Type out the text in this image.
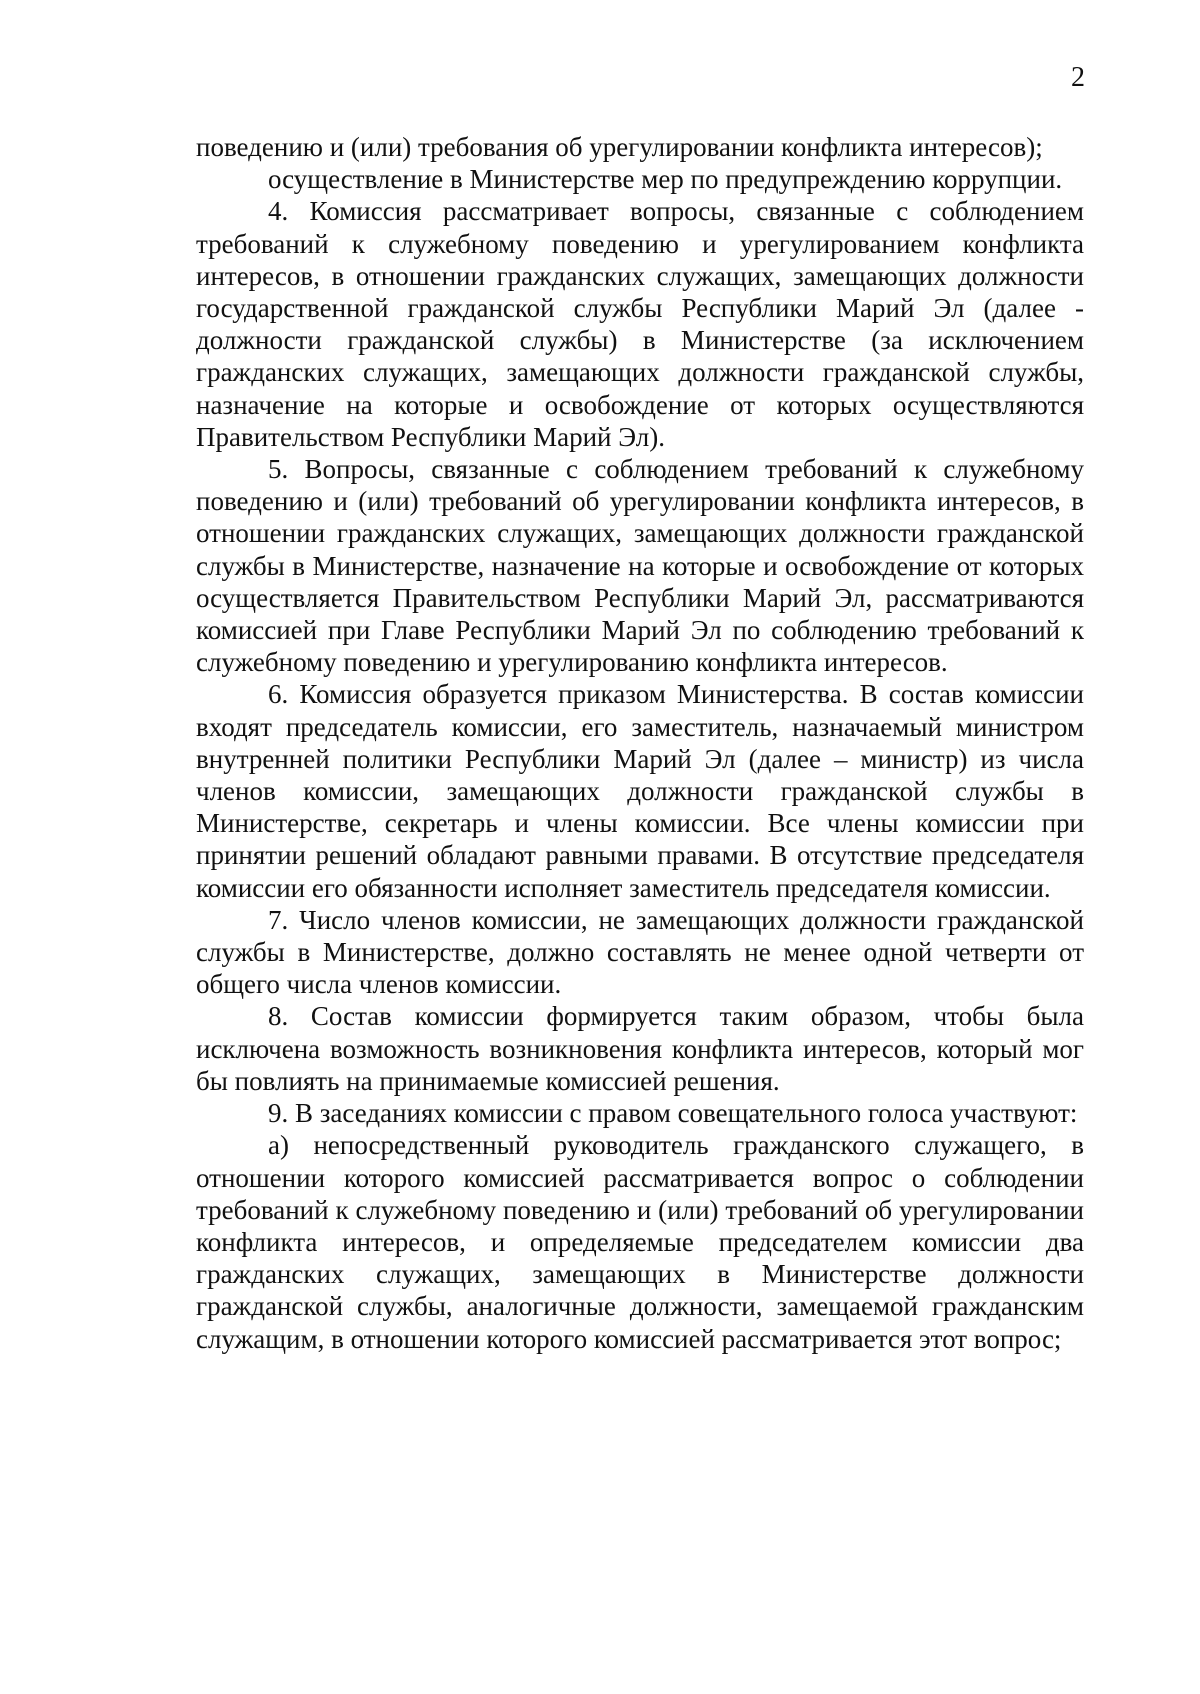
2

поведению и (или) требования об урегулировании конфликта интересов);

осуществление в Министерстве мер по предупреждению коррупции.

4. Комиссия рассматривает вопросы, связанные с соблюдением требований к служебному поведению и урегулированием конфликта интересов, в отношении гражданских служащих, замещающих должности государственной гражданской службы Республики Марий Эл (далее - должности гражданской службы) в Министерстве (за исключением гражданских служащих, замещающих должности гражданской службы, назначение на которые и освобождение от которых осуществляются Правительством Республики Марий Эл).

5. Вопросы, связанные с соблюдением требований к служебному поведению и (или) требований об урегулировании конфликта интересов, в отношении гражданских служащих, замещающих должности гражданской службы в Министерстве, назначение на которые и освобождение от которых осуществляется Правительством Республики Марий Эл, рассматриваются комиссией при Главе Республики Марий Эл по соблюдению требований к служебному поведению и урегулированию конфликта интересов.

6. Комиссия образуется приказом Министерства. В состав комиссии входят председатель комиссии, его заместитель, назначаемый министром внутренней политики Республики Марий Эл (далее – министр) из числа членов комиссии, замещающих должности гражданской службы в Министерстве, секретарь и члены комиссии. Все члены комиссии при принятии решений обладают равными правами. В отсутствие председателя комиссии его обязанности исполняет заместитель председателя комиссии.

7. Число членов комиссии, не замещающих должности гражданской службы в Министерстве, должно составлять не менее одной четверти от общего числа членов комиссии.

8. Состав комиссии формируется таким образом, чтобы была исключена возможность возникновения конфликта интересов, который мог бы повлиять на принимаемые комиссией решения.

9. В заседаниях комиссии с правом совещательного голоса участвуют:

а) непосредственный руководитель гражданского служащего, в отношении которого комиссией рассматривается вопрос о соблюдении требований к служебному поведению и (или) требований об урегулировании конфликта интересов, и определяемые председателем комиссии два гражданских служащих, замещающих в Министерстве должности гражданской службы, аналогичные должности, замещаемой гражданским служащим, в отношении которого комиссией рассматривается этот вопрос;
